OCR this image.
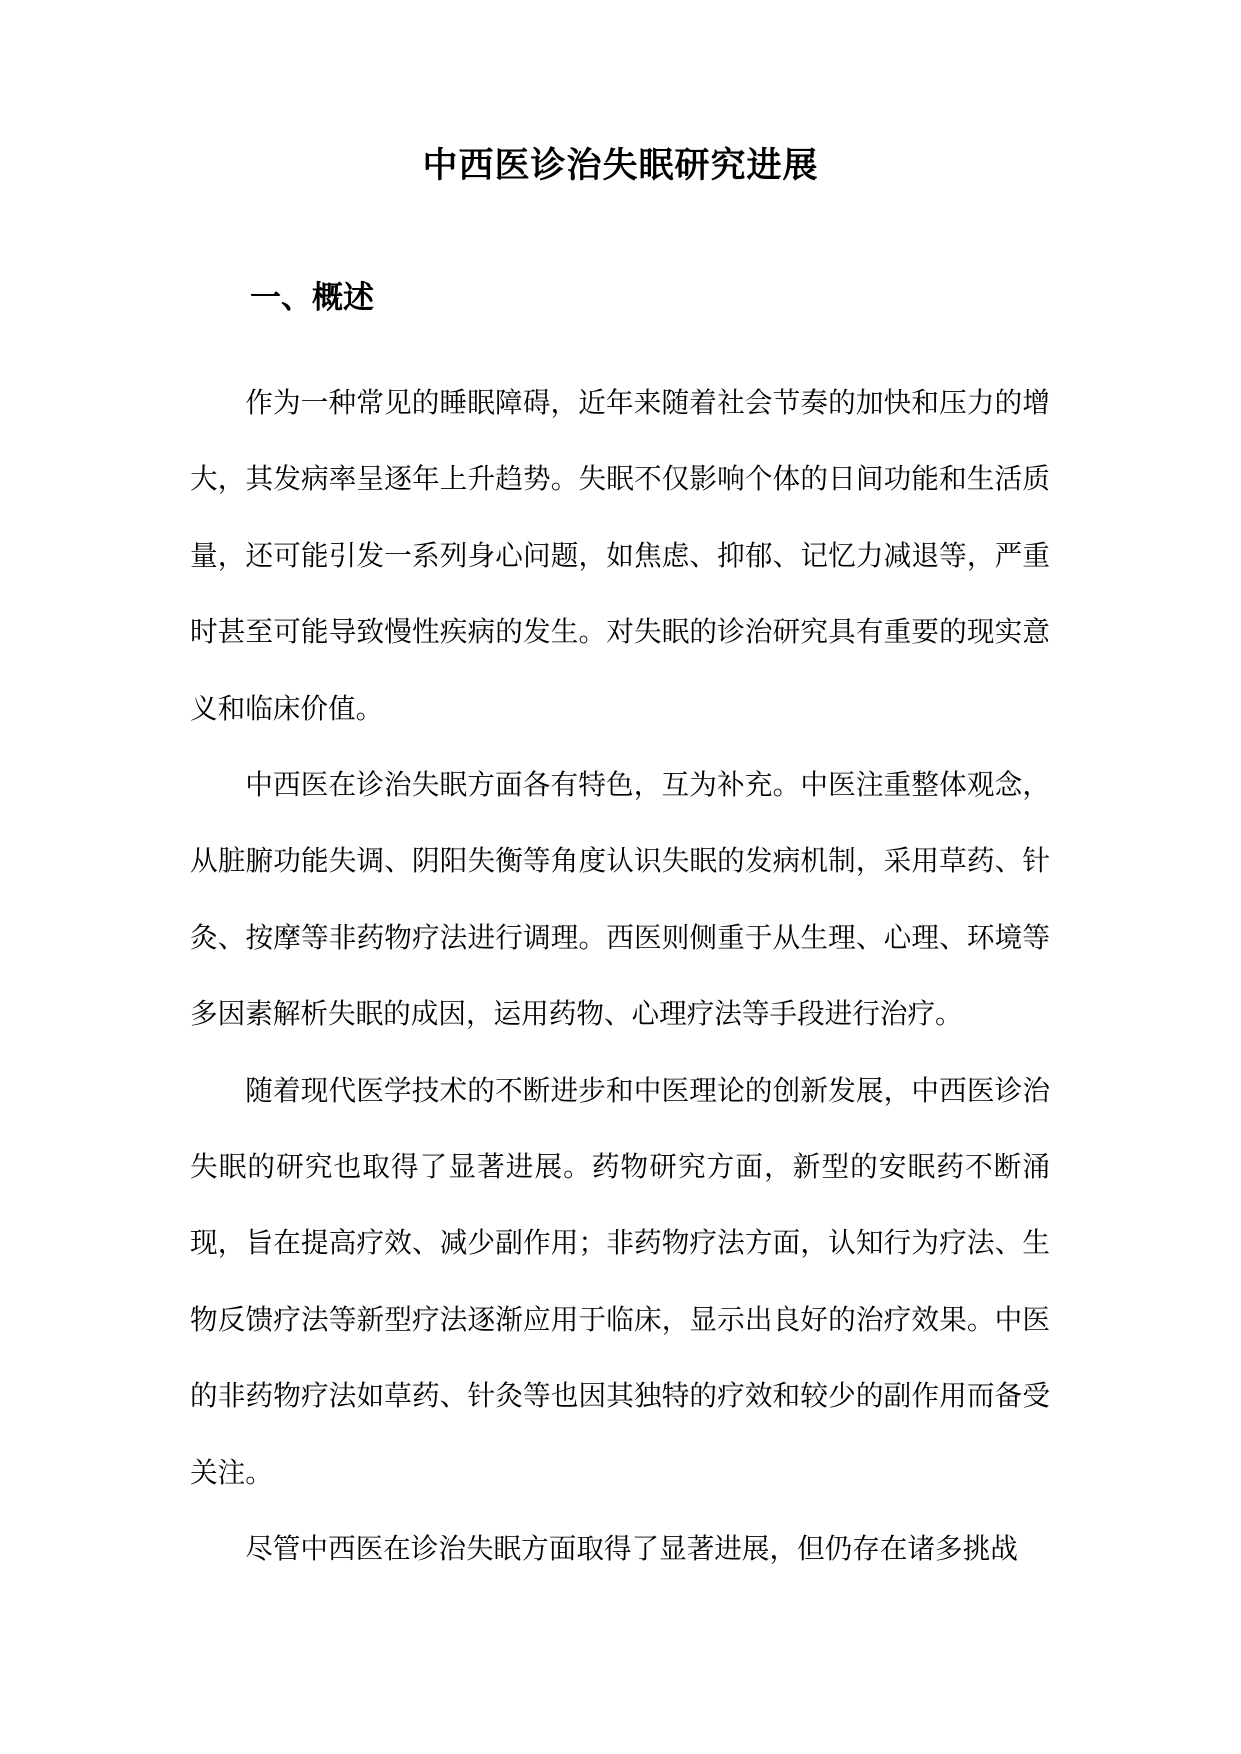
中西医诊治失眠研究进展
一、概述

作为一种常见的睡眠障碍，近年来随着社会节奏的加快和压力的增大，其发病率呈逐年上升趋势。失眠不仅影响个体的日间功能和生活质量，还可能引发一系列身心问题，如焦虑、抑郁、记忆力减退等，严重时甚至可能导致慢性疾病的发生。对失眠的诊治研究具有重要的现实意义和临床价值。

中西医在诊治失眠方面各有特色，互为补充。中医注重整体观念，从脏腑功能失调、阴阳失衡等角度认识失眠的发病机制，采用草药、针灸、按摩等非药物疗法进行调理。西医则侧重于从生理、心理、环境等多因素解析失眠的成因，运用药物、心理疗法等手段进行治疗。

随着现代医学技术的不断进步和中医理论的创新发展，中西医诊治失眠的研究也取得了显著进展。药物研究方面，新型的安眠药不断涌现，旨在提高疗效、减少副作用；非药物疗法方面，认知行为疗法、生物反馈疗法等新型疗法逐渐应用于临床，显示出良好的治疗效果。中医的非药物疗法如草药、针灸等也因其独特的疗效和较少的副作用而备受关注。

尽管中西医在诊治失眠方面取得了显著进展，但仍存在诸多挑战
